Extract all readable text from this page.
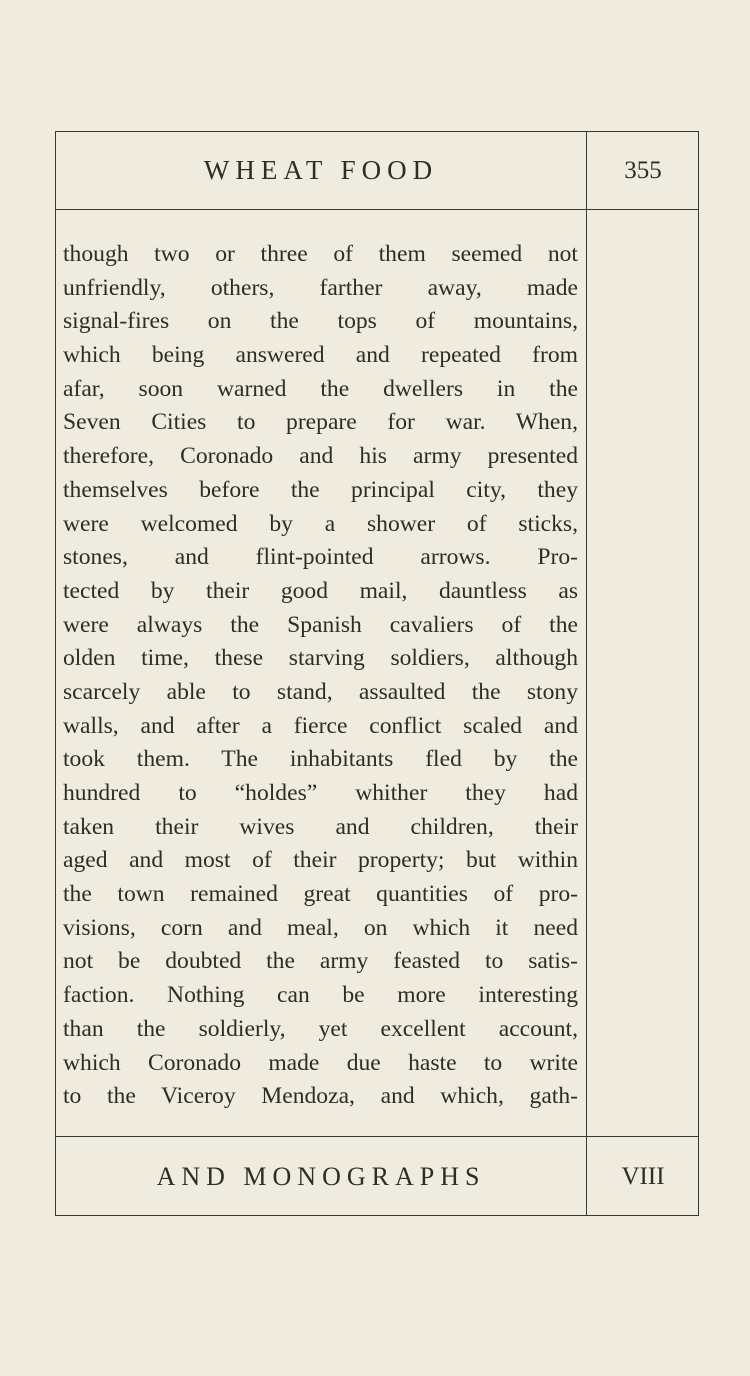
WHEAT FOOD	355
though two or three of them seemed not
unfriendly, others, farther away, made
signal-fires on the tops of mountains,
which being answered and repeated from
afar, soon warned the dwellers in the
Seven Cities to prepare for war. When,
therefore, Coronado and his army presented
themselves before the principal city, they
were welcomed by a shower of sticks,
stones, and flint-pointed arrows. Pro-
tected by their good mail, dauntless as
were always the Spanish cavaliers of the
olden time, these starving soldiers, although
scarcely able to stand, assaulted the stony
walls, and after a fierce conflict scaled and
took them. The inhabitants fled by the
hundred to “holdes” whither they had
taken their wives and children, their
aged and most of their property; but within
the town remained great quantities of pro-
visions, corn and meal, on which it need
not be doubted the army feasted to satis-
faction. Nothing can be more interesting
than the soldierly, yet excellent account,
which Coronado made due haste to write
to the Viceroy Mendoza, and which, gath-
AND MONOGRAPHS	VIII
